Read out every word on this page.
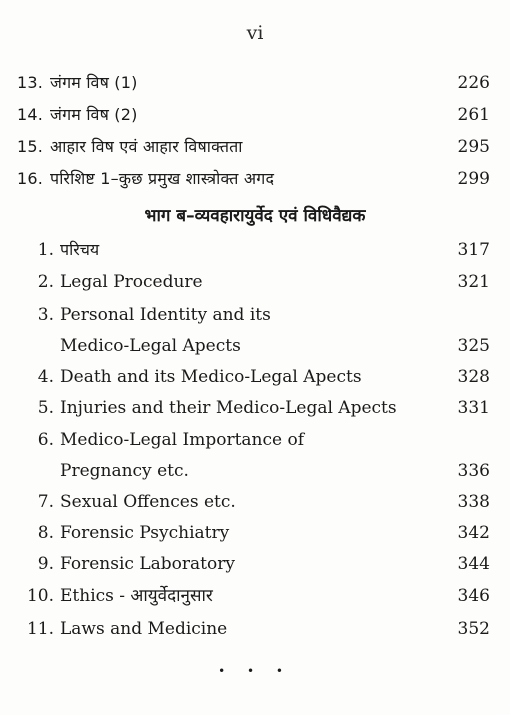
vi
13. जंगम विष (1)	226
14. जंगम विष (2)	261
15. आहार विष एवं आहार विषाक्तता	295
16. परिशिष्ट 1–कुछ प्रमुख शास्त्रोक्त अगद	299
भाग ब–व्यवहारायुर्वेद एवं विधिवैद्यक
1. परिचय	317
2. Legal Procedure	321
3. Personal Identity and its
Medico-Legal Apects	325
4. Death and its Medico-Legal Apects	328
5. Injuries and their Medico-Legal Apects	331
6. Medico-Legal Importance of
Pregnancy etc.	336
7. Sexual Offences etc.	338
8. Forensic Psychiatry	342
9. Forensic Laboratory	344
10. Ethics - आयुर्वेदानुसार	346
11. Laws and Medicine	352
• • •
